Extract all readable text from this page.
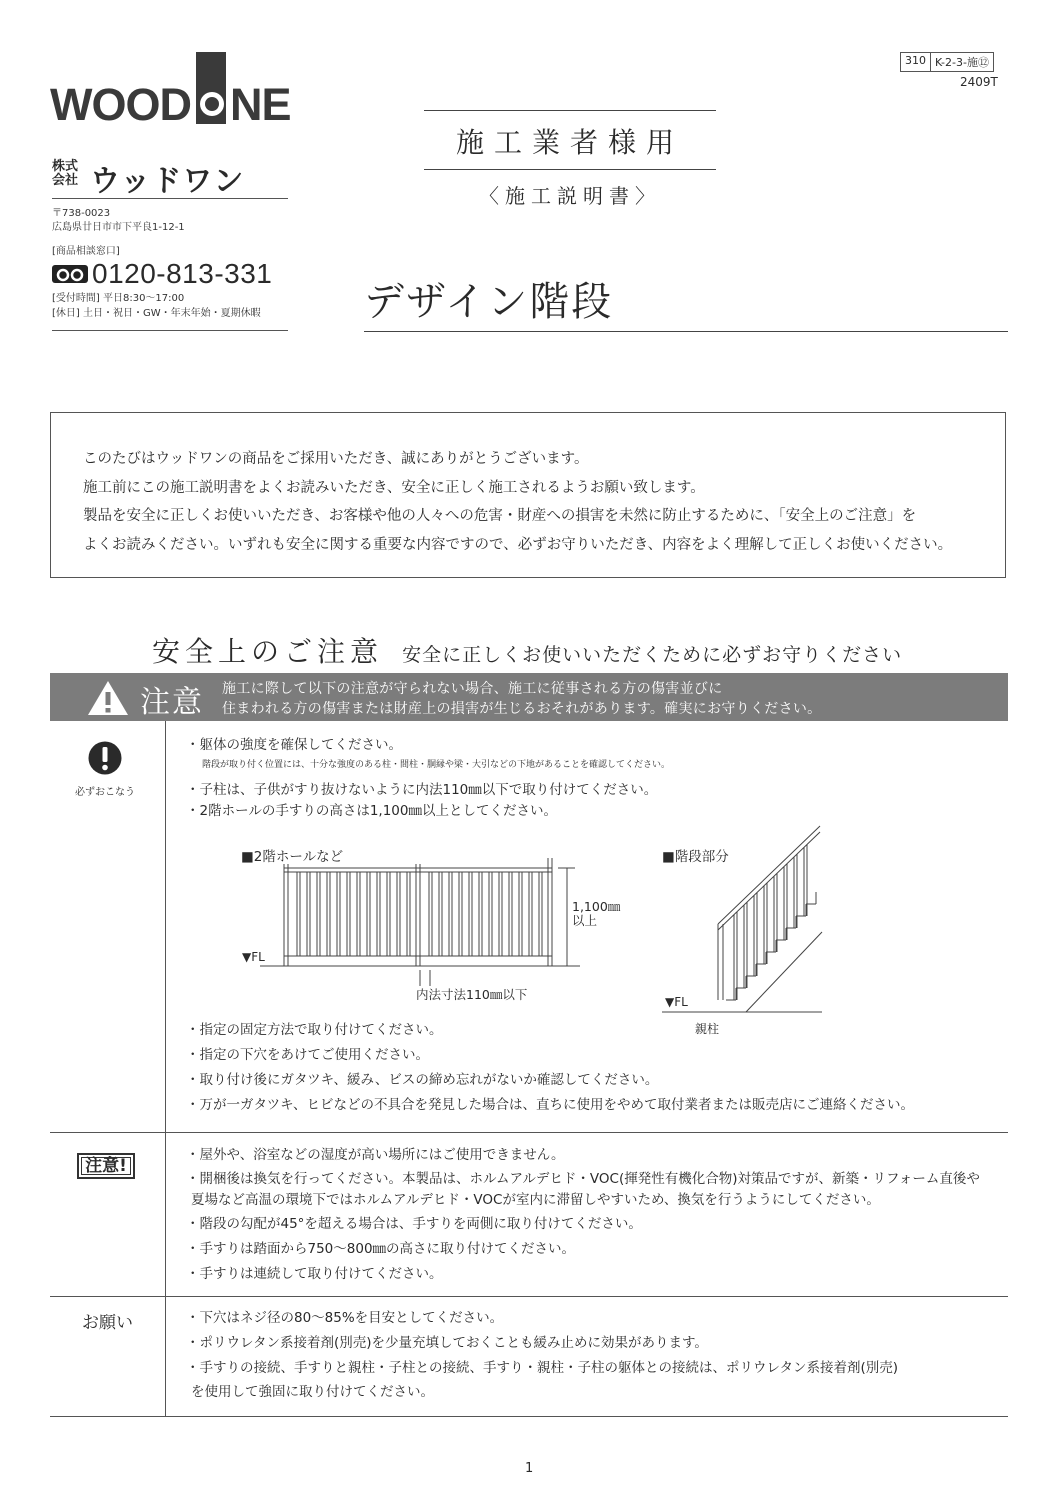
WOOD NE
株式会社 ウッドワン
〒738-0023
広島県廿日市市下平良1-12-1
[商品相談窓口]
0120-813-331
[受付時間] 平日8:30〜17:00
[休日] 土日・祝日・GW・年末年始・夏期休暇
310 K-2-3-施⑫
2409T
施工業者様用
〈施工説明書〉
デザイン階段
このたびはウッドワンの商品をご採用いただき、誠にありがとうございます。
施工前にこの施工説明書をよくお読みいただき、安全に正しく施工されるようお願い致します。
製品を安全に正しくお使いいただき、お客様や他の人々への危害・財産への損害を未然に防止するために、「安全上のご注意」を
よくお読みください。いずれも安全に関する重要な内容ですので、必ずお守りいただき、内容をよく理解して正しくお使いください。
安全上のご注意 安全に正しくお使いいただくために必ずお守りください
注意 施工に際して以下の注意が守られない場合、施工に従事される方の傷害並びに
住まわれる方の傷害または財産上の損害が生じるおそれがあります。確実にお守りください。
必ずおこなう
・躯体の強度を確保してください。
階段が取り付く位置には、十分な強度のある柱・間柱・胴縁や梁・大引などの下地があることを確認してください。
・子柱は、子供がすり抜けないように内法110㎜以下で取り付けてください。
・2階ホールの手すりの高さは1,100㎜以上としてください。
■2階ホールなど
1,100㎜
以上
▼FL
内法寸法110㎜以下
■階段部分
▼FL
親柱
・指定の固定方法で取り付けてください。
・指定の下穴をあけてご使用ください。
・取り付け後にガタツキ、緩み、ビスの締め忘れがないか確認してください。
・万が一ガタツキ、ヒビなどの不具合を発見した場合は、直ちに使用をやめて取付業者または販売店にご連絡ください。
注意!
・屋外や、浴室などの湿度が高い場所にはご使用できません。
・開梱後は換気を行ってください。本製品は、ホルムアルデヒド・VOC(揮発性有機化合物)対策品ですが、新築・リフォーム直後や
夏場など高温の環境下ではホルムアルデヒド・VOCが室内に滞留しやすいため、換気を行うようにしてください。
・階段の勾配が45°を超える場合は、手すりを両側に取り付けてください。
・手すりは踏面から750〜800㎜の高さに取り付けてください。
・手すりは連続して取り付けてください。
お願い	・下穴はネジ径の80〜85%を目安としてください。
・ポリウレタン系接着剤(別売)を少量充填しておくことも緩み止めに効果があります。
・手すりの接続、手すりと親柱・子柱との接続、手すり・親柱・子柱の躯体との接続は、ポリウレタン系接着剤(別売)
を使用して強固に取り付けてください。
1
